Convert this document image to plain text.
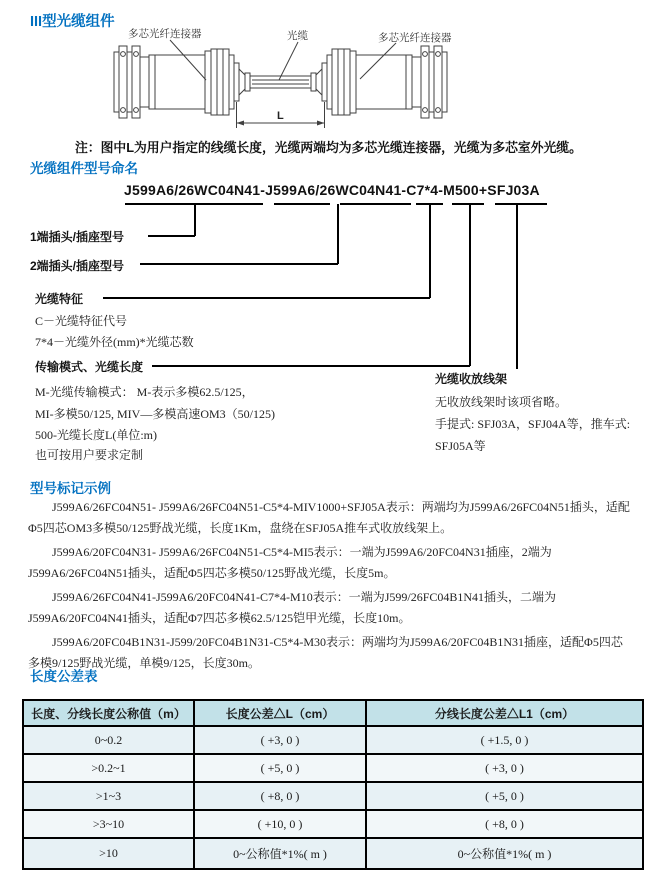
III型光缆组件
多芯光纤连接器	光缆	多芯光纤连接器
L
注：图中L为用户指定的线缆长度，光缆两端均为多芯光缆连接器，光缆为多芯室外光缆。
光缆组件型号命名
J599A6/26WC04N41-J599A6/26WC04N41-C7*4-M500+SFJ03A
1端插头/插座型号
2端插头/插座型号
光缆特征
C－光缆特征代号
7*4－光缆外径(mm)*光缆芯数
传输模式、光缆长度
M-光缆传输模式： M-表示多模62.5/125，
MI-多模50/125, MIV—多模高速OM3（50/125)
500-光缆长度L(单位:m)
也可按用户要求定制
光缆收放线架
无收放线架时该项省略。
手提式: SFJ03A，SFJ04A等，推车式:
SFJ05A等
型号标记示例

J599A6/26FC04N51- J599A6/26FC04N51-C5*4-MIV1000+SFJ05A表示：两端均为J599A6/26FC04N51插头，适配Φ5四芯OM3多模50/125野战光缆，长度1Km，盘绕在SFJ05A推车式收放线架上。

J599A6/20FC04N31- J599A6/26FC04N51-C5*4-MI5表示：一端为J599A6/20FC04N31插座，2端为J599A6/26FC04N51插头，适配Φ5四芯多模50/125野战光缆，长度5m。

J599A6/26FC04N41-J599A6/20FC04N41-C7*4-M10表示：一端为J599/26FC04B1N41插头，二端为J599A6/20FC04N41插头，适配Φ7四芯多模62.5/125铠甲光缆，长度10m。

J599A6/20FC04B1N31-J599/20FC04B1N31-C5*4-M30表示：两端均为J599A6/20FC04B1N31插座，适配Φ5四芯多模9/125野战光缆，单模9/125，长度30m。

长度公差表
长度、分线长度公称值（m）	长度公差△L（cm）	分线长度公差△L1（cm）
0~0.2	( +3, 0 )	( +1.5, 0 )
>0.2~1	( +5, 0 )	( +3, 0 )
>1~3	( +8, 0 )	( +5, 0 )
>3~10	( +10, 0 )	( +8, 0 )
>10	0~公称值*1%( m )	0~公称值*1%( m )
